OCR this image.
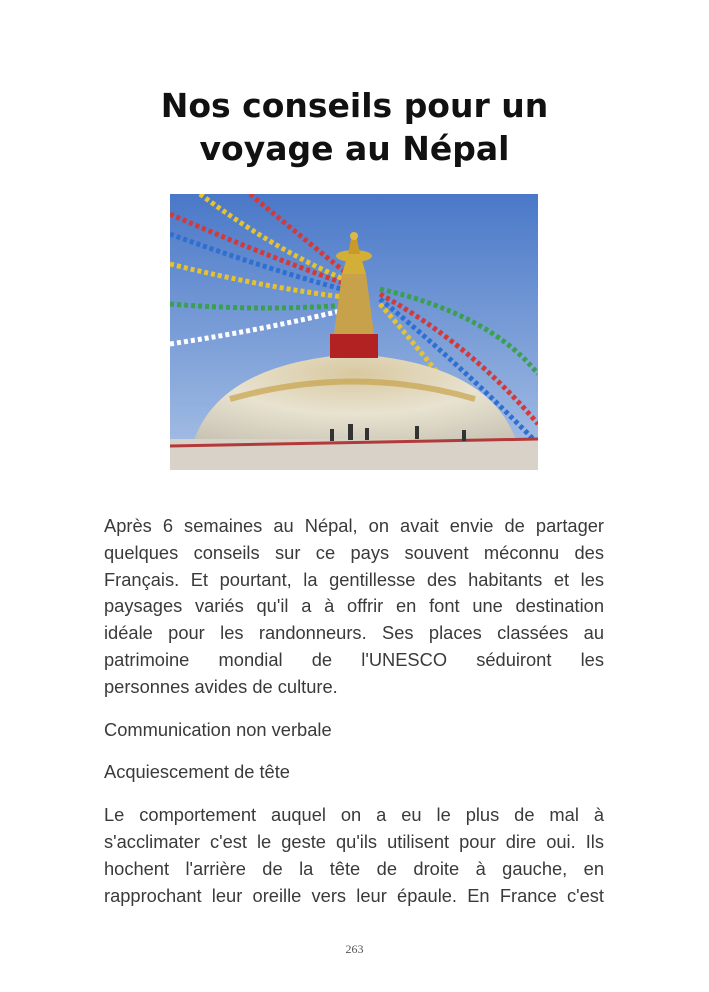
Nos conseils pour un
voyage au Népal

Après 6 semaines au Népal, on avait envie de partager
quelques conseils sur ce pays souvent méconnu des
Français. Et pourtant, la gentillesse des habitants et les
paysages variés qu'il a à offrir en font une destination
idéale pour les randonneurs. Ses places classées au
patrimoine mondial de l'UNESCO séduiront les
personnes avides de culture.

Communication non verbale

Acquiescement de tête

Le comportement auquel on a eu le plus de mal à
s'acclimater c'est le geste qu'ils utilisent pour dire oui. Ils
hochent l'arrière de la tête de droite à gauche, en
rapprochant leur oreille vers leur épaule. En France c'est

263
